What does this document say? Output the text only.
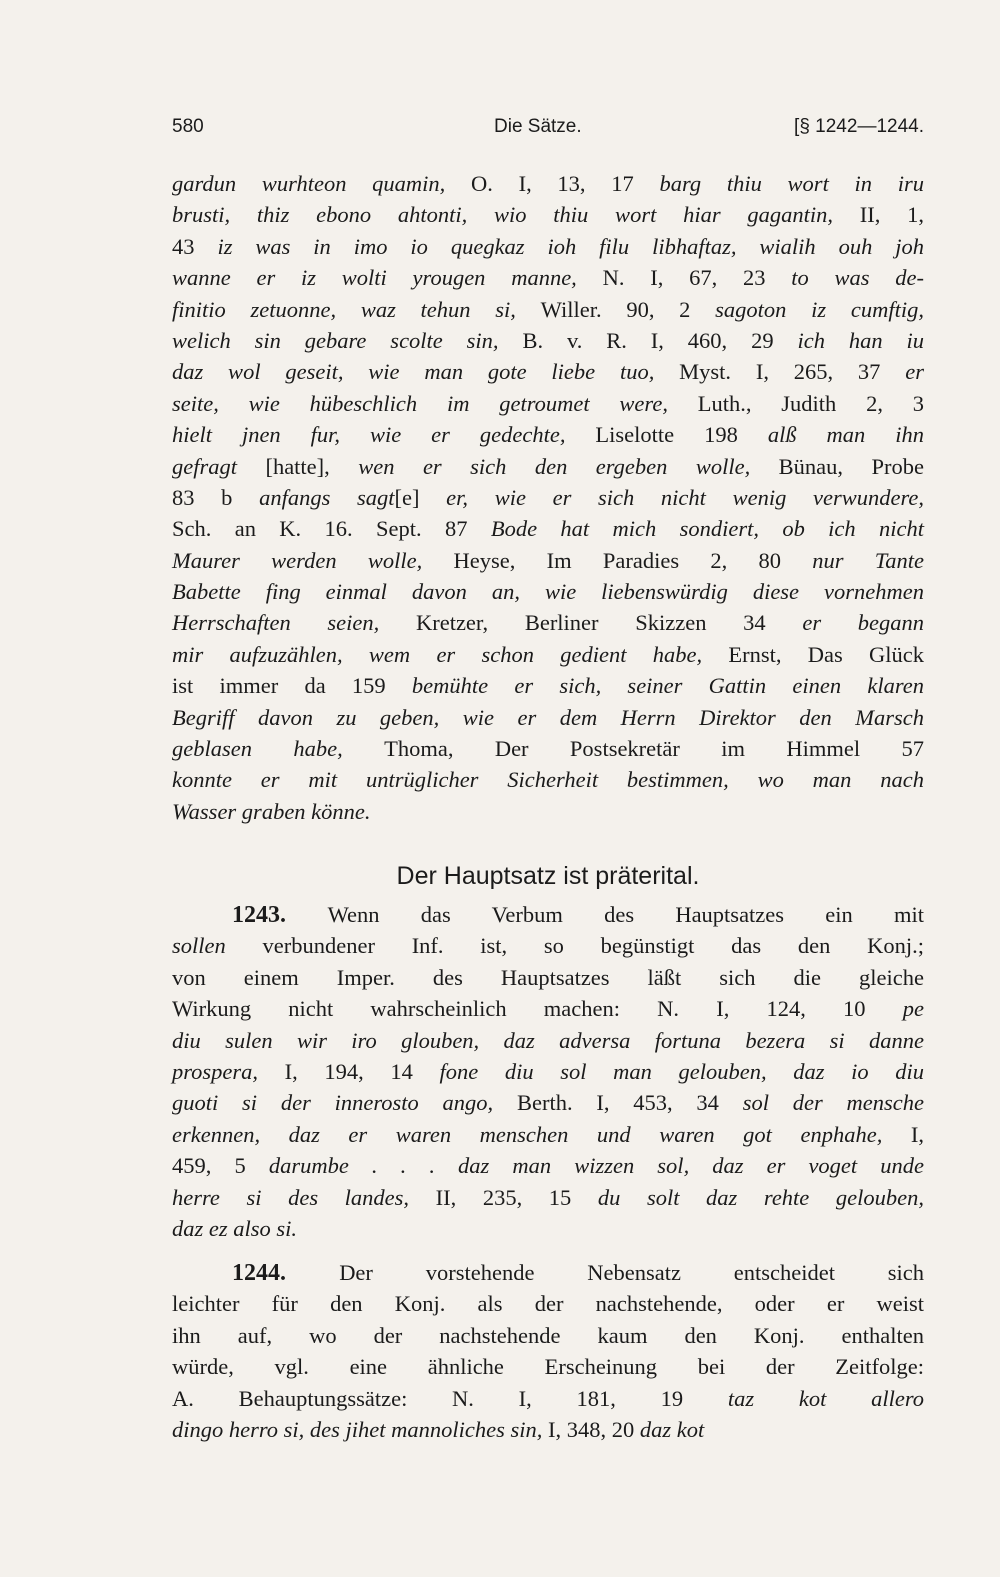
580	Die Sätze.	[§ 1242—1244.
gardun wurhteon quamin, O. I, 13, 17 barg thiu wort in iru
brusti, thiz ebono ahtonti, wio thiu wort hiar gagantin, II, 1,
43 iz was in imo io quegkaz ioh filu libhaftaz, wialih ouh joh
wanne er iz wolti yrougen manne, N. I, 67, 23 to was de-
finitio zetuonne, waz tehun si, Willer. 90, 2 sagoton iz cumftig,
welich sin gebare scolte sin, B. v. R. I, 460, 29 ich han iu
daz wol geseit, wie man gote liebe tuo, Myst. I, 265, 37 er
seite, wie hübeschlich im getroumet were, Luth., Judith 2, 3
hielt jnen fur, wie er gedechte, Liselotte 198 alß man ihn
gefragt [hatte], wen er sich den ergeben wolle, Bünau, Probe
83 b anfangs sagt[e] er, wie er sich nicht wenig verwundere,
Sch. an K. 16. Sept. 87 Bode hat mich sondiert, ob ich nicht
Maurer werden wolle, Heyse, Im Paradies 2, 80 nur Tante
Babette fing einmal davon an, wie liebenswürdig diese vornehmen
Herrschaften seien, Kretzer, Berliner Skizzen 34 er begann
mir aufzuzählen, wem er schon gedient habe, Ernst, Das Glück
ist immer da 159 bemühte er sich, seiner Gattin einen klaren
Begriff davon zu geben, wie er dem Herrn Direktor den Marsch
geblasen habe, Thoma, Der Postsekretär im Himmel 57
konnte er mit untrüglicher Sicherheit bestimmen, wo man nach
Wasser graben könne.
Der Hauptsatz ist präterital.
1243. Wenn das Verbum des Hauptsatzes ein mit
sollen verbundener Inf. ist, so begünstigt das den Konj.;
von einem Imper. des Hauptsatzes läßt sich die gleiche
Wirkung nicht wahrscheinlich machen: N. I, 124, 10 pe
diu sulen wir iro glouben, daz adversa fortuna bezera si danne
prospera, I, 194, 14 fone diu sol man gelouben, daz io diu
guoti si der innerosto ango, Berth. I, 453, 34 sol der mensche
erkennen, daz er waren menschen und waren got enphahe, I,
459, 5 darumbe . . . daz man wizzen sol, daz er voget unde
herre si des landes, II, 235, 15 du solt daz rehte gelouben,
daz ez also si.
1244. Der vorstehende Nebensatz entscheidet sich
leichter für den Konj. als der nachstehende, oder er weist
ihn auf, wo der nachstehende kaum den Konj. enthalten
würde, vgl. eine ähnliche Erscheinung bei der Zeitfolge:
A. Behauptungssätze: N. I, 181, 19 taz kot allero
dingo herro si, des jihet mannoliches sin, I, 348, 20 daz kot
